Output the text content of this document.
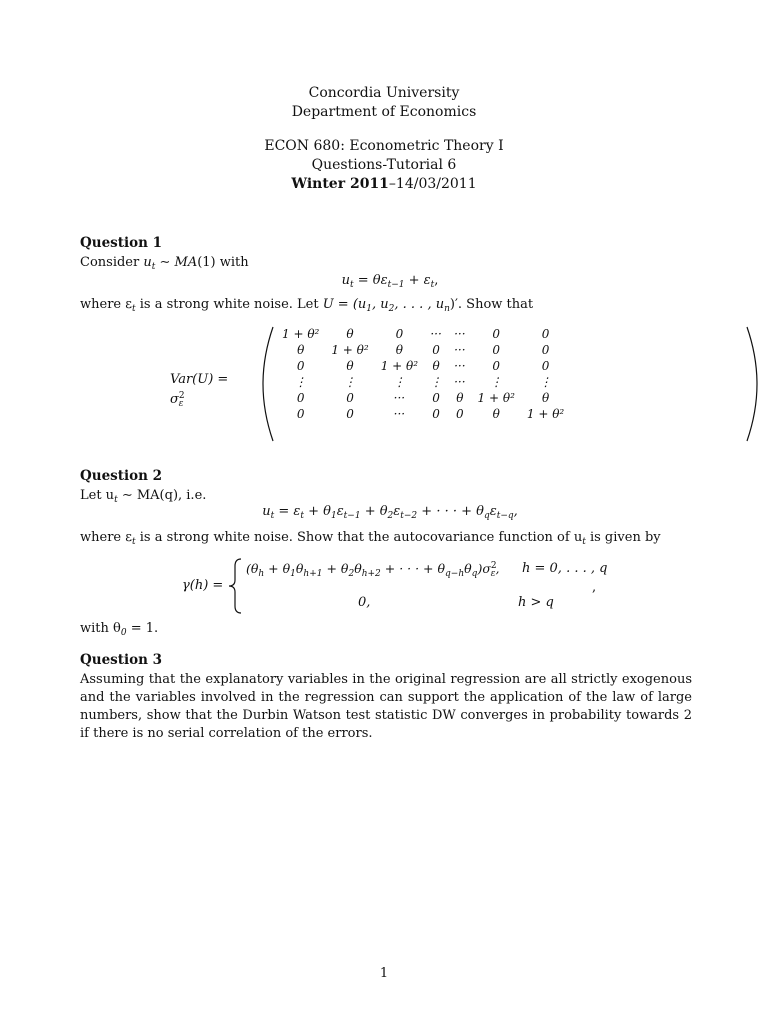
Concordia University
Department of Economics
ECON 680: Econometric Theory I
Questions-Tutorial 6
Winter 2011–14/03/2011

Question 1

Consider $u_t$ ∼ MA(1) with

$u_t = \theta\varepsilon_{t-1} + \varepsilon_t$,
where $\varepsilon_t$ is a strong white noise. Let $U = (u_1$, $u_2$, . . . , $u_n)'$. Show that
$Var(U) = \sigma^2_\varepsilon$
1 + θ²	θ	0	···	···	0	0
θ	1 + θ²	θ	0	···	0	0
0	θ	1 + θ²	θ	···	0	0
⋮	⋮	⋮	⋮	···	⋮	⋮
0	0	···	0	θ	1 + θ²	θ
0	0	···	0	0	θ	1 + θ²

Question 2

Let $u_t$ ∼ MA(q), i.e.

$u_t = \varepsilon_t + \theta_1\varepsilon_{t-1} + \theta_2\varepsilon_{t-2}$ + · · · + $\theta_q\varepsilon_{t-q}$,
where $\varepsilon_t$ is a strong white noise. Show that the autocovariance function of $u_t$ is given by
γ(h) =
($\theta_h + \theta_1\theta_{h+1} + \theta_2\theta_{h+2}$ + · · · + $\theta_{q-h}\theta_q)\sigma^2_\varepsilon$, h = 0, . . . , q
0,	h > q
,
with $\theta_0 = 1$.

Question 3

Assuming that the explanatory variables in the original regression are all strictly exogenous and the variables involved in the regression can support the application of the law of large numbers, show that the Durbin Watson test statistic DW converges in probability towards 2 if there is no serial correlation of the errors.

1
